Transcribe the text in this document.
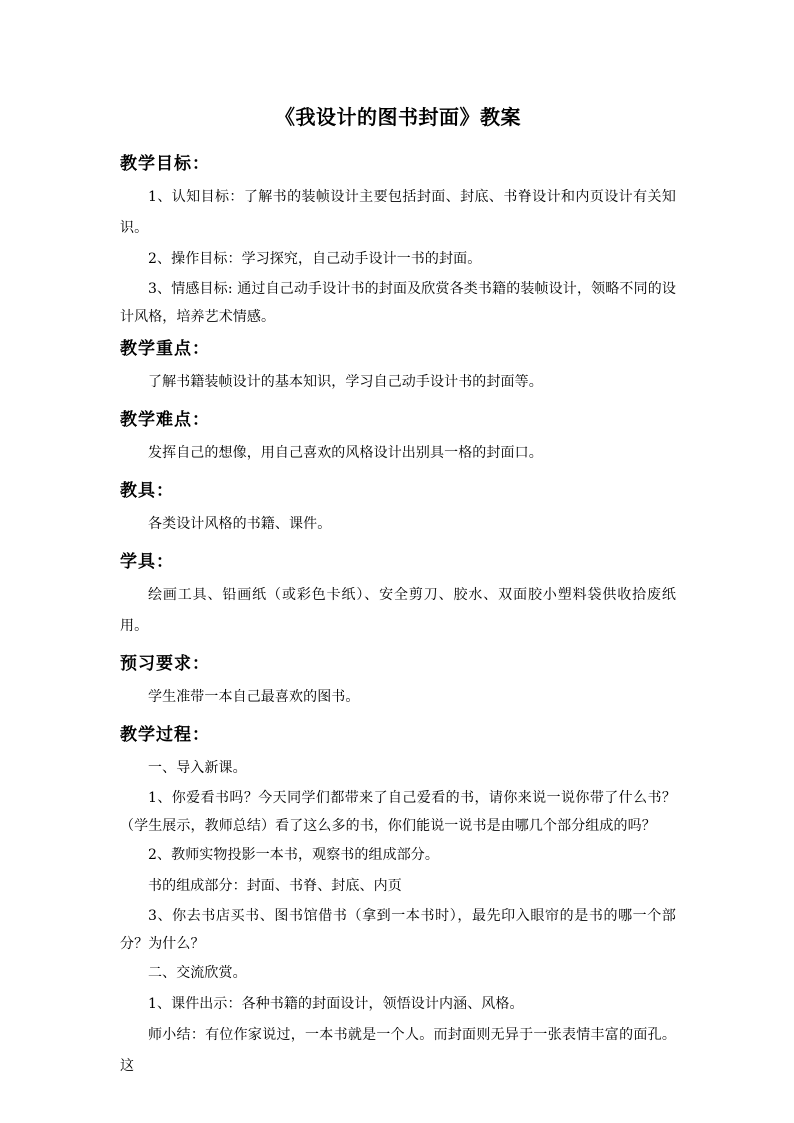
《我设计的图书封面》教案
教学目标：

1、认知目标：了解书的装帧设计主要包括封面、封底、书脊设计和内页设计有关知识。

2、操作目标：学习探究，自己动手设计一书的封面。

3、情感目标: 通过自己动手设计书的封面及欣赏各类书籍的装帧设计，领略不同的设计风格，培养艺术情感。

教学重点：

了解书籍装帧设计的基本知识，学习自己动手设计书的封面等。

教学难点：

发挥自己的想像，用自己喜欢的风格设计出别具一格的封面口。

教具：

各类设计风格的书籍、课件。

学具：

绘画工具、铅画纸（或彩色卡纸）、安全剪刀、胶水、双面胶小塑料袋供收拾废纸用。

预习要求：

学生准带一本自己最喜欢的图书。

教学过程：

一、导入新课。

1、你爱看书吗？今天同学们都带来了自己爱看的书，请你来说一说你带了什么书？（学生展示，教师总结）看了这么多的书，你们能说一说书是由哪几个部分组成的吗？

2、教师实物投影一本书，观察书的组成部分。

书的组成部分：封面、书脊、封底、内页

3、你去书店买书、图书馆借书（拿到一本书时），最先印入眼帘的是书的哪一个部分？为什么？

二、交流欣赏。

1、课件出示：各种书籍的封面设计，领悟设计内涵、风格。

师小结：有位作家说过，一本书就是一个人。而封面则无异于一张表情丰富的面孔。这
